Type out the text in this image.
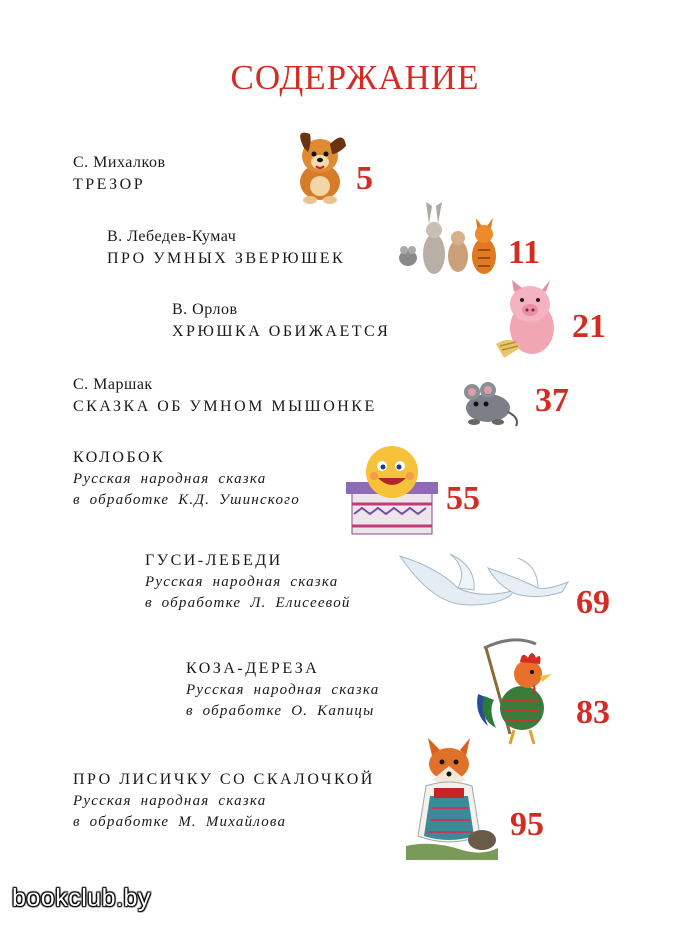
СОДЕРЖАНИЕ
С. Михалков
ТРЕЗОР	5
В. Лебедев-Кумач
ПРО УМНЫХ ЗВЕРЮШЕК	11
В. Орлов
ХРЮШКА ОБИЖАЕТСЯ	21
С. Маршак
СКАЗКА ОБ УМНОМ МЫШОНКЕ	37
КОЛОБОК
Русская народная сказка
в обработке К.Д. Ушинского	55
ГУСИ-ЛЕБЕДИ
Русская народная сказка
в обработке Л. Елисеевой	69
КОЗА-ДЕРЕЗА
Русская народная сказка
в обработке О. Капицы	83
ПРО ЛИСИЧКУ СО СКАЛОЧКОЙ
Русская народная сказка
в обработке М. Михайлова	95
bookclub.by
